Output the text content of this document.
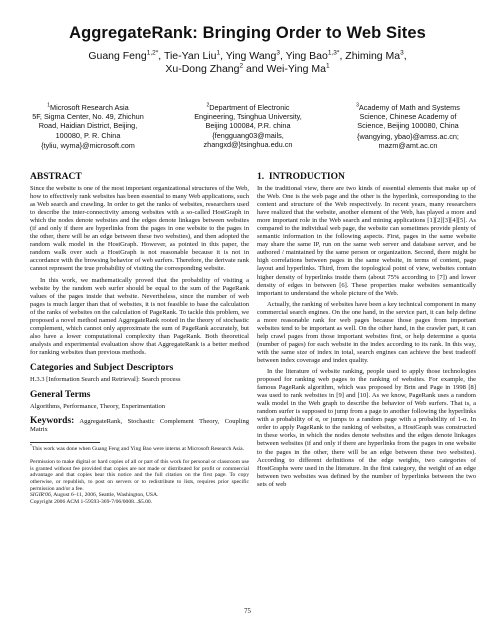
AggregateRank: Bringing Order to Web Sites
Guang Feng$^{1,2*}$, Tie-Yan Liu$^1$, Ying Wang$^3$, Ying Bao$^{1,3*}$, Zhiming Ma$^3$,
Xu-Dong Zhang$^2$ and Wei-Ying Ma$^1$
$^1$Microsoft Research Asia
5F, Sigma Center, No. 49, Zhichun
Road, Haidian District, Beijing,
100080, P. R. China
{tyliu, wyma}@microsoft.com
$^2$Department of Electronic
Engineering, Tsinghua University,
Beijing 100084, P.R. china
{fengguang03@mails,
zhangxd@}tsinghua.edu.cn
$^3$Academy of Math and Systems
Science, Chinese Academy of
Science, Beijing 100080, China
{wangying, ybao}@amss.ac.cn; mazm@amt.ac.cn
ABSTRACT

Since the website is one of the most important organizational structures of the Web, how to effectively rank websites has been essential to many Web applications, such as Web search and crawling. In order to get the ranks of websites, researchers used to describe the inter-connectivity among websites with a so-called HostGraph in which the nodes denote websites and the edges denote linkages between websites (if and only if there are hyperlinks from the pages in one website to the pages in the other, there will be an edge between these two websites), and then adopted the random walk model in the HostGraph. However, as pointed in this paper, the random walk over such a HostGraph is not reasonable because it is not in accordance with the browsing behavior of web surfers. Therefore, the derivate rank cannot represent the true probability of visiting the corresponding website.

In this work, we mathematically proved that the probability of visiting a website by the random web surfer should be equal to the sum of the PageRank values of the pages inside that website. Nevertheless, since the number of web pages is much larger than that of websites, it is not feasible to base the calculation of the ranks of websites on the calculation of PageRank. To tackle this problem, we proposed a novel method named AggregateRank rooted in the theory of stochastic complement, which cannot only approximate the sum of PageRank accurately, but also have a lower computational complexity than PageRank. Both theoretical analysis and experimental evaluation show that AggregateRank is a better method for ranking websites than previous methods.

Categories and Subject Descriptors

H.3.3 [Information Search and Retrieval]: Search process

General Terms

Algorithms, Performance, Theory, Experimentation

Keywords: AggregateRank, Stochastic Complement Theory, Coupling Matrix

*This work was done when Guang Feng and Ying Bao were interns at Microsoft Research Asia.

Permission to make digital or hard copies of all or part of this work for personal or classroom use is granted without fee provided that copies are not made or distributed for profit or commercial advantage and that copies bear this notice and the full citation on the first page. To copy otherwise, or republish, to post on servers or to redistribute to lists, requires prior specific permission and/or a fee.
SIGIR'06, August 6–11, 2006, Seattle, Washington, USA.
Copyright 2006 ACM 1-59593-369-7/06/0008...$5.00.
1.  INTRODUCTION

In the traditional view, there are two kinds of essential elements that make up of the Web. One is the web page and the other is the hyperlink, corresponding to the content and structure of the Web respectively. In recent years, many researchers have realized that the website, another element of the Web, has played a more and more important role in the Web search and mining applications [1][2][3][4][5]. As compared to the individual web page, the website can sometimes provide plenty of semantic information in the following aspects. First, pages in the same website may share the same IP, run on the same web server and database server, and be authored / maintained by the same person or organization. Second, there might be high correlations between pages in the same website, in terms of content, page layout and hyperlinks. Third, from the topological point of view, websites contain higher density of hyperlinks inside them (about 75% according to [7]) and lower density of edges in between [6]. These properties make websites semantically important to understand the whole picture of the Web.

Actually, the ranking of websites have been a key technical component in many commercial search engines. On the one hand, in the service part, it can help define a more reasonable rank for web pages because those pages from important websites tend to be important as well. On the other hand, in the crawler part, it can help crawl pages from those important websites first, or help determine a quota (number of pages) for each website in the index according to its rank. In this way, with the same size of index in total, search engines can achieve the best tradeoff between index coverage and index quality.

In the literature of website ranking, people used to apply those technologies proposed for ranking web pages to the ranking of websites. For example, the famous PageRank algorithm, which was proposed by Brin and Page in 1998 [8] was used to rank websites in [9] and [10]. As we know, PageRank uses a random walk model in the Web graph to describe the behavior of Web surfers. That is, a random surfer is supposed to jump from a page to another following the hyperlinks with a probability of α, or jumps to a random page with a probability of 1-α. In order to apply PageRank to the ranking of websites, a HostGraph was constructed in these works, in which the nodes denote websites and the edges denote linkages between websites (if and only if there are hyperlinks from the pages in one website to the pages in the other, there will be an edge between these two websites). According to different definitions of the edge weights, two categories of HostGraphs were used in the literature. In the first category, the weight of an edge between two websites was defined by the number of hyperlinks between the two sets of web

75
